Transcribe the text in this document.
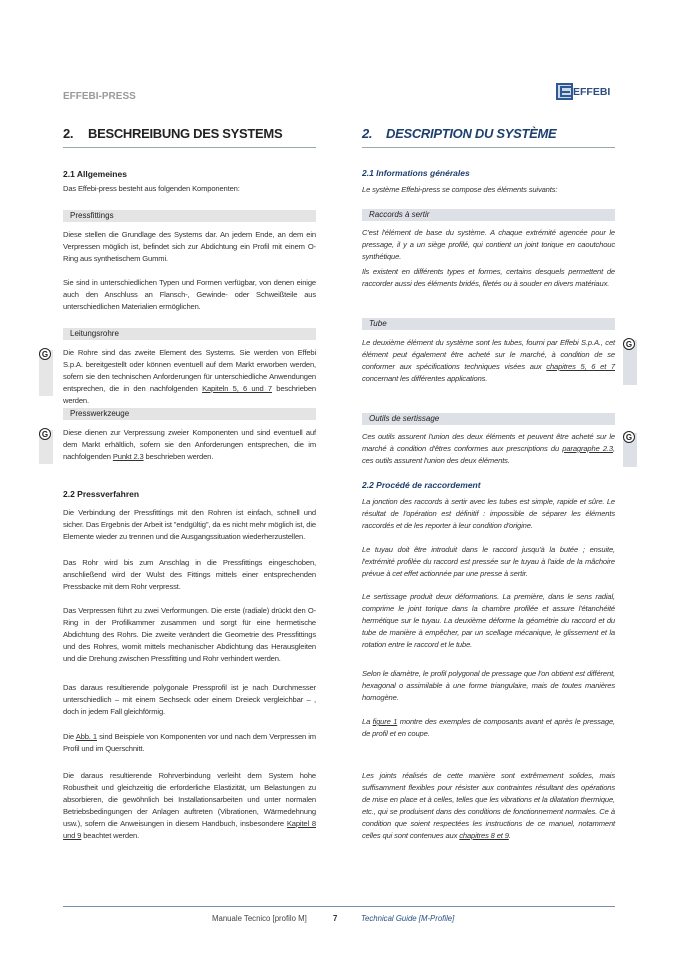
EFFEBI-PRESS	EFFEBI
2. BESCHREIBUNG DES SYSTEMS
2.1 Allgemeines

Das Effebi-press besteht aus folgenden Komponenten:

Pressfittings

Diese stellen die Grundlage des Systems dar. An jedem Ende, an dem ein Verpressen möglich ist, befindet sich zur Abdichtung ein Profil mit einem O-Ring aus synthetischem Gummi.

Sie sind in unterschiedlichen Typen und Formen verfügbar, von denen einige auch den Anschluss an Flansch-, Gewinde- oder Schweißteile aus unterschiedlichen Materialien ermöglichen.

Leitungsrohre
G	Die Rohre sind das zweite Element des Systems. Sie werden von Effebi S.p.A. bereitgestellt oder können eventuell auf dem Markt erworben werden, sofern sie den technischen Anforderungen für unterschiedliche Anwendungen entsprechen, die in den nachfolgenden Kapiteln 5, 6 und 7 beschrieben werden.

Presswerkzeuge
G	Diese dienen zur Verpressung zweier Komponenten und sind eventuell auf dem Markt erhältlich, sofern sie den Anforderungen entsprechen, die im nachfolgenden Punkt 2.3 beschrieben werden.

2.2 Pressverfahren

Die Verbindung der Pressfittings mit den Rohren ist einfach, schnell und sicher. Das Ergebnis der Arbeit ist "endgültig", da es nicht mehr möglich ist, die Elemente wieder zu trennen und die Ausgangssituation wiederherzustellen.

Das Rohr wird bis zum Anschlag in die Pressfittings eingeschoben, anschließend wird der Wulst des Fittings mittels einer entsprechenden Pressbacke mit dem Rohr verpresst.

Das Verpressen führt zu zwei Verformungen. Die erste (radiale) drückt den O-Ring in der Profilkammer zusammen und sorgt für eine hermetische Abdichtung des Rohrs. Die zweite verändert die Geometrie des Pressfittings und des Rohres, womit mittels mechanischer Abdichtung das Herausgleiten und die Drehung zwischen Pressfitting und Rohr verhindert werden.

Das daraus resultierende polygonale Pressprofil ist je nach Durchmesser unterschiedlich – mit einem Sechseck oder einem Dreieck vergleichbar – , doch in jedem Fall gleichförmig.

Die Abb. 1 sind Beispiele von Komponenten vor und nach dem Verpressen im Profil und im Querschnitt.

Die daraus resultierende Rohrverbindung verleiht dem System hohe Robustheit und gleichzeitig die erforderliche Elastizität, um Belastungen zu absorbieren, die gewöhnlich bei Installationsarbeiten und unter normalen Betriebsbedingungen der Anlagen auftreten (Vibrationen, Wärmedehnung usw.), sofern die Anweisungen in diesem Handbuch, insbesondere Kapitel 8 und 9 beachtet werden.

2. DESCRIPTION DU SYSTÈME
2.1 Informations générales

Le système Effebi-press se compose des éléments suivants:

Raccords à sertir

C'est l'élément de base du système. A chaque extrémité agencée pour le pressage, il y a un siège profilé, qui contient un joint torique en caoutchouc synthétique.

Ils existent en différents types et formes, certains desquels permettent de raccorder aussi des éléments bridés, filetés ou à souder en divers matériaux.

Tube
G

Le deuxième élément du système sont les tubes, fourni par Effebi S.p.A., cet élément peut également être acheté sur le marché, à condition de se conformer aux spécifications techniques visées aux chapitres 5, 6 et 7 concernant les différentes applications.

Outils de sertissage
G

Ces outils assurent l'union des deux éléments et peuvent être acheté sur le marché à condition d'êtres conformes aux prescriptions du paragraphe 2.3, ces outils assurent l'union des deux éléments.

2.2 Procédé de raccordement

La jonction des raccords à sertir avec les tubes est simple, rapide et sûre. Le résultat de l'opération est définitif : impossible de séparer les éléments raccordés et de les reporter à leur condition d'origine.

Le tuyau doit être introduit dans le raccord jusqu'à la butée ; ensuite, l'extrémité profilée du raccord est pressée sur le tuyau à l'aide de la mâchoire prévue à cet effet actionnée par une presse à sertir.

Le sertissage produit deux déformations. La première, dans le sens radial, comprime le joint torique dans la chambre profilée et assure l'étanchéité hermétique sur le tuyau. La deuxième déforme la géométrie du raccord et du tube de manière à empêcher, par un scellage mécanique, le glissement et la rotation entre le raccord et le tube.

Selon le diamètre, le profil polygonal de pressage que l'on obtient est différent, hexagonal o assimilable à une forme triangulaire, mais de toutes manières homogène.

La figure 1 montre des exemples de composants avant et après le pressage, de profil et en coupe.

Les joints réalisés de cette manière sont extrêmement solides, mais suffisamment flexibles pour résister aux contraintes résultant des opérations de mise en place et à celles, telles que les vibrations et la dilatation thermique, etc., qui se produisent dans des conditions de fonctionnement normales. Ce à condition que soient respectées les instructions de ce manuel, notamment celles qui sont contenues aux chapitres 8 et 9.

Manuale Tecnico [profilo M]	7	Technical Guide [M-Profile]
